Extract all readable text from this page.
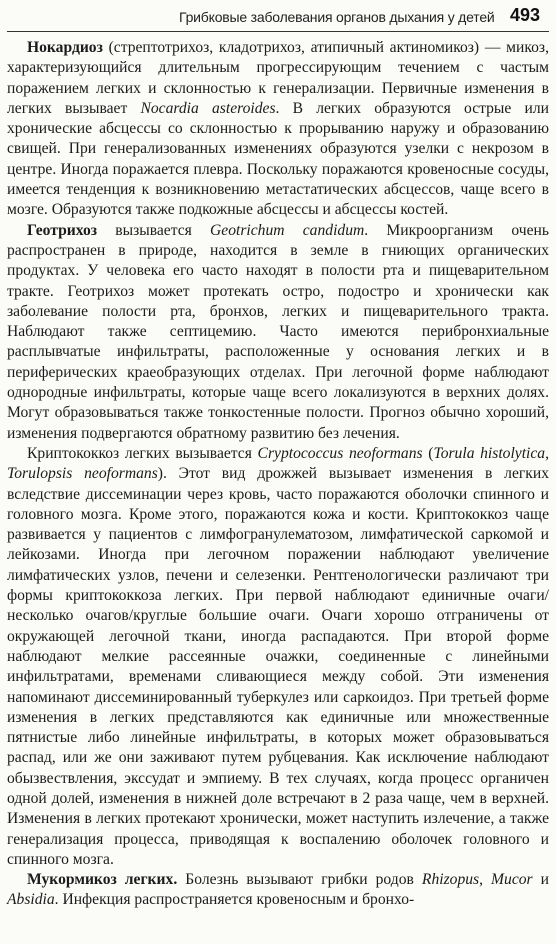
Грибковые заболевания органов дыхания у детей 493

Нокардиоз (стрептотрихоз, кладотрихоз, атипичный актиномикоз) — микоз, характеризующийся длительным прогрессирующим течением с частым поражением легких и склонностью к генерализации. Первичные изменения в легких вызывает Nocardia asteroides. В легких образуются острые или хронические абсцессы со склонностью к прорыванию наружу и образованию свищей. При генерализованных изменениях образуются узелки с некрозом в центре. Иногда поражается плевра. Поскольку поражаются кровеносные сосуды, имеется тенденция к возникновению метастатических абсцессов, чаще всего в мозге. Образуются также подкожные абсцессы и абсцессы костей.

Геотрихоз вызывается Geotrichum candidum. Микроорганизм очень распространен в природе, находится в земле в гниющих органических продуктах. У человека его часто находят в полости рта и пищеварительном тракте. Геотрихоз может протекать остро, подостро и хронически как заболевание полости рта, бронхов, легких и пищеварительного тракта. Наблюдают также септицемию. Часто имеются перибронхиальные расплывчатые инфильтраты, расположенные у основания легких и в периферических краеобразующих отделах. При легочной форме наблюдают однородные инфильтраты, которые чаще всего локализуются в верхних долях. Могут образовываться также тонкостенные полости. Прогноз обычно хороший, изменения подвергаются обратному развитию без лечения.

Криптококкоз легких вызывается Cryptococcus neoformans (Torula histolytica, Torulopsis neoformans). Этот вид дрожжей вызывает изменения в легких вследствие диссеминации через кровь, часто поражаются оболочки спинного и головного мозга. Кроме этого, поражаются кожа и кости. Криптококкоз чаще развивается у пациентов с лимфогранулематозом, лимфатической саркомой и лейкозами. Иногда при легочном поражении наблюдают увеличение лимфатических узлов, печени и селезенки. Рентгенологически различают три формы криптококкоза легких. При первой наблюдают единичные очаги/несколько очагов/круглые большие очаги. Очаги хорошо отграничены от окружающей легочной ткани, иногда распадаются. При второй форме наблюдают мелкие рассеянные очажки, соединенные с линейными инфильтратами, временами сливающиеся между собой. Эти изменения напоминают диссеминированный туберкулез или саркоидоз. При третьей форме изменения в легких представляются как единичные или множественные пятнистые либо линейные инфильтраты, в которых может образовываться распад, или же они заживают путем рубцевания. Как исключение наблюдают обызвествления, экссудат и эмпиему. В тех случаях, когда процесс органичен одной долей, изменения в нижней доле встречают в 2 раза чаще, чем в верхней. Изменения в легких протекают хронически, может наступить излечение, а также генерализация процесса, приводящая к воспалению оболочек головного и спинного мозга.

Мукормикоз легких. Болезнь вызывают грибки родов Rhizopus, Mucor и Absidia. Инфекция распространяется кровеносным и бронхо-
